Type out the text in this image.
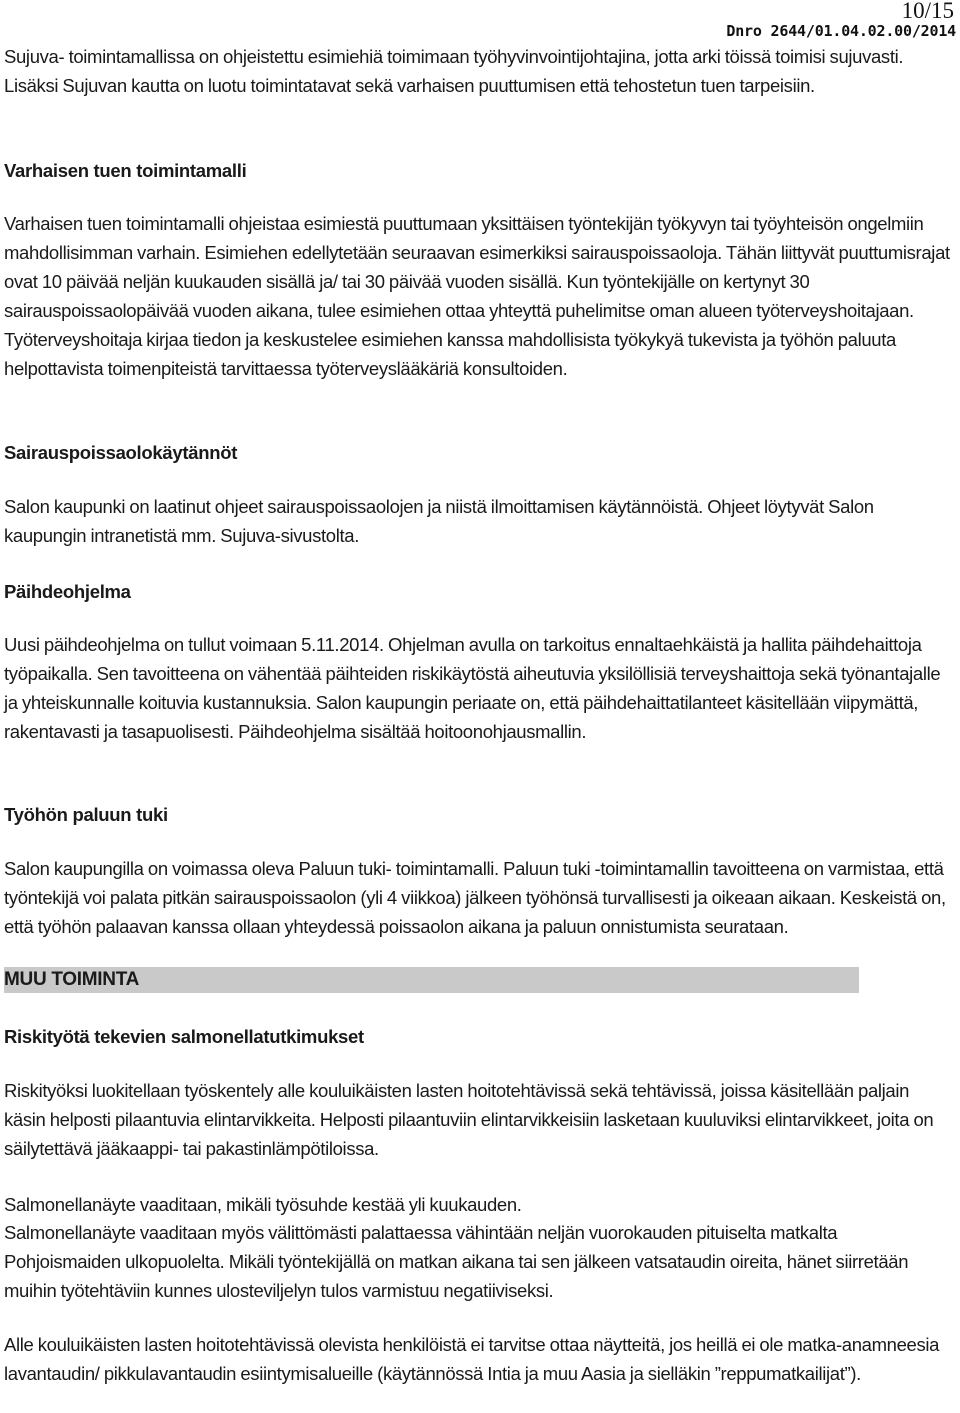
10/15
Dnro 2644/01.04.02.00/2014

Sujuva- toimintamallissa on ohjeistettu esimiehiä toimimaan työhyvinvointijohtajina, jotta arki töissä toimisi sujuvasti. Lisäksi Sujuvan kautta on luotu toimintatavat sekä varhaisen puuttumisen että tehostetun tuen tarpeisiin.

Varhaisen tuen toimintamalli

Varhaisen tuen toimintamalli ohjeistaa esimiestä puuttumaan yksittäisen työntekijän työkyvyn tai työyhteisön ongelmiin mahdollisimman varhain. Esimiehen edellytetään seuraavan esimerkiksi sairauspoissaoloja. Tähän liittyvät puuttumisrajat ovat 10 päivää neljän kuukauden sisällä ja/ tai 30 päivää vuoden sisällä. Kun työntekijälle on kertynyt 30 sairauspoissaolopäivää vuoden aikana, tulee esimiehen ottaa yhteyttä puhelimitse oman alueen työterveyshoitajaan. Työterveyshoitaja kirjaa tiedon ja keskustelee esimiehen kanssa mahdollisista työkykyä tukevista ja työhön paluuta helpottavista toimenpiteistä tarvittaessa työterveyslääkäriä konsultoiden.

Sairauspoissaolokäytännöt

Salon kaupunki on laatinut ohjeet sairauspoissaolojen ja niistä ilmoittamisen käytännöistä. Ohjeet löytyvät Salon kaupungin intranetistä mm. Sujuva-sivustolta.

Päihdeohjelma

Uusi päihdeohjelma on tullut voimaan 5.11.2014. Ohjelman avulla on tarkoitus ennaltaehkäistä ja hallita päihdehaittoja työpaikalla. Sen tavoitteena on vähentää päihteiden riskikäytöstä aiheutuvia yksilöllisiä terveyshaittoja sekä työnantajalle ja yhteiskunnalle koituvia kustannuksia. Salon kaupungin periaate on, että päihdehaittatilanteet käsitellään viipymättä, rakentavasti ja tasapuolisesti. Päihdeohjelma sisältää hoitoonohjausmallin.

Työhön paluun tuki

Salon kaupungilla on voimassa oleva Paluun tuki- toimintamalli. Paluun tuki -toimintamallin tavoitteena on varmistaa, että työntekijä voi palata pitkän sairauspoissaolon (yli 4 viikkoa) jälkeen työhönsä turvallisesti ja oikeaan aikaan. Keskeistä on, että työhön palaavan kanssa ollaan yhteydessä poissaolon aikana ja paluun onnistumista seurataan.

MUU TOIMINTA
Riskityötä tekevien salmonellatutkimukset

Riskityöksi luokitellaan työskentely alle kouluikäisten lasten hoitotehtävissä sekä tehtävissä, joissa käsitellään paljain käsin helposti pilaantuvia elintarvikkeita. Helposti pilaantuviin elintarvikkeisiin lasketaan kuuluviksi elintarvikkeet, joita on säilytettävä jääkaappi- tai pakastinlämpötiloissa.

Salmonellanäyte vaaditaan, mikäli työsuhde kestää yli kuukauden.

Salmonellanäyte vaaditaan myös välittömästi palattaessa vähintään neljän vuorokauden pituiselta matkalta Pohjoismaiden ulkopuolelta. Mikäli työntekijällä on matkan aikana tai sen jälkeen vatsataudin oireita, hänet siirretään muihin työtehtäviin kunnes ulosteviljelyn tulos varmistuu negatiiviseksi.

Alle kouluikäisten lasten hoitotehtävissä olevista henkilöistä ei tarvitse ottaa näytteitä, jos heillä ei ole matka-anamneesia lavantaudin/ pikkulavantaudin esiintymisalueille (käytännössä Intia ja muu Aasia ja sielläkin ”reppumatkailijat”).
